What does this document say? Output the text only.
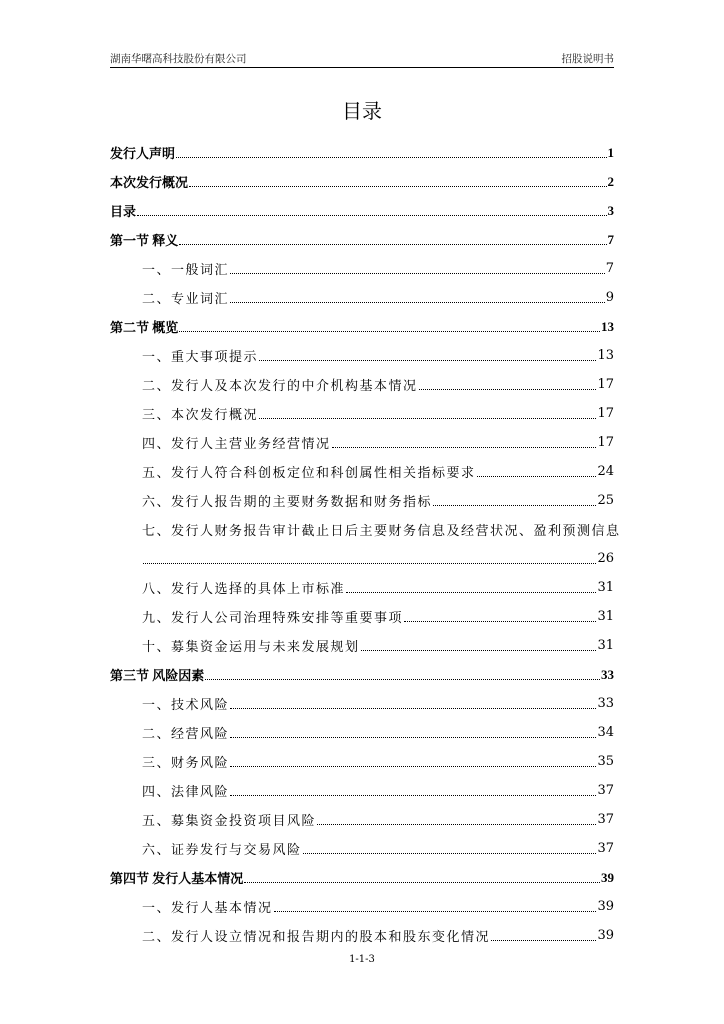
湖南华曙高科技股份有限公司	招股说明书
目录
发行人声明	1
本次发行概况	2
目录	3
第一节 释义	7
一、一般词汇	7
二、专业词汇	9
第二节 概览	13
一、重大事项提示	13
二、发行人及本次发行的中介机构基本情况	17
三、本次发行概况	17
四、发行人主营业务经营情况	17
五、发行人符合科创板定位和科创属性相关指标要求	24
六、发行人报告期的主要财务数据和财务指标	25
七、发行人财务报告审计截止日后主要财务信息及经营状况、盈利预测信息
26
八、发行人选择的具体上市标准	31
九、发行人公司治理特殊安排等重要事项	31
十、募集资金运用与未来发展规划	31
第三节 风险因素	33
一、技术风险	33
二、经营风险	34
三、财务风险	35
四、法律风险	37
五、募集资金投资项目风险	37
六、证券发行与交易风险	37
第四节 发行人基本情况	39
一、发行人基本情况	39
二、发行人设立情况和报告期内的股本和股东变化情况	39
1-1-3
